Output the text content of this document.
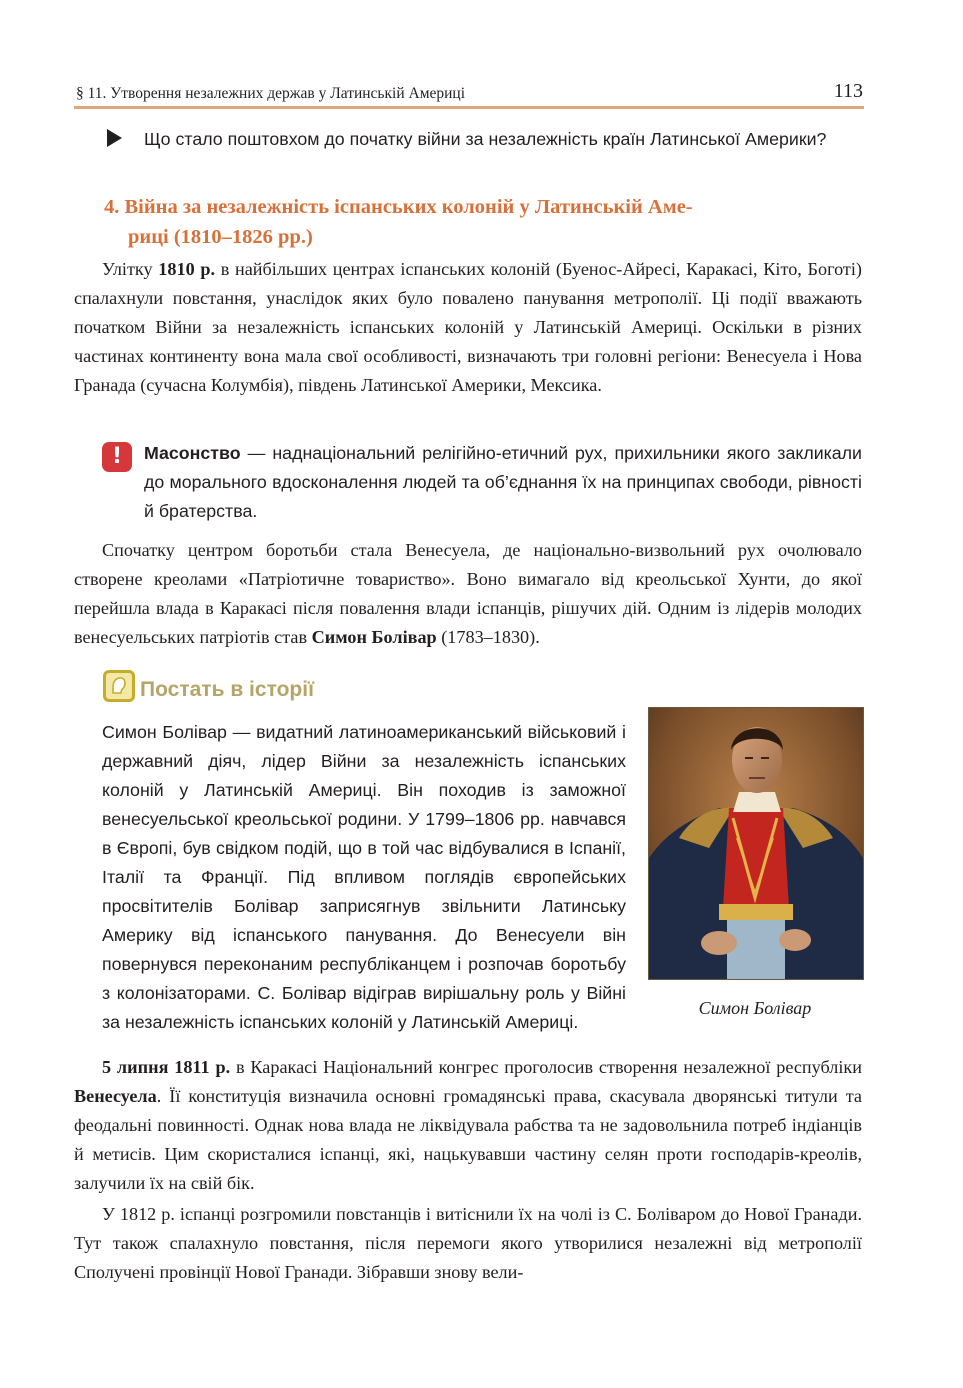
§ 11. Утворення незалежних держав у Латинській Америці	113
Що стало поштовхом до початку війни за незалежність країн Латинської Америки?
4. Війна за незалежність іспанських колоній у Латинській Аме-
риці (1810–1826 рр.)
Улітку 1810 р. в найбільших центрах іспанських колоній (Буенос-Айресі, Каракасі, Кіто, Боготі) спалахнули повстання, унаслідок яких було повалено панування метрополії. Ці події вважають початком Війни за незалежність іспанських колоній у Латинській Америці. Оскільки в різних частинах континенту вона мала свої особливості, визначають три головні регіони: Венесуела і Нова Гранада (сучасна Колумбія), південь Латинської Америки, Мексика.
!	Масонство — наднаціональний релігійно-етичний рух, прихильники якого закликали до морального вдосконалення людей та об’єднання їх на принципах свободи, рівності й братерства.
Спочатку центром боротьби стала Венесуела, де національно-визвольний рух очолювало створене креолами «Патріотичне товариство». Воно вимагало від креольської Хунти, до якої перейшла влада в Каракасі після повалення влади іспанців, рішучих дій. Одним із лідерів молодих венесуельських патріотів став Симон Болівар (1783–1830).
Постать в історії
Симон Болівар — видатний латиноамериканський військовий і державний діяч, лідер Війни за незалежність іспанських колоній у Латинській Америці. Він походив із заможної венесуельської креольської родини. У 1799–1806 рр. навчався в Європі, був свідком подій, що в той час відбувалися в Іспанії, Італії та Франції. Під впливом поглядів європейських просвітителів Болівар заприсягнув звільнити Латинську Америку від іспанського панування. До Венесуели він повернувся переконаним республіканцем і розпочав боротьбу з колонізаторами. С. Болівар відіграв вирішальну роль у Війні за незалежність іспанських колоній у Латинській Америці.
Симон Болівар
5 липня 1811 р. в Каракасі Національний конгрес проголосив створення незалежної республіки Венесуела. Її конституція визначила основні громадянські права, скасувала дворянські титули та феодальні повинності. Однак нова влада не ліквідувала рабства та не задовольнила потреб індіанців й метисів. Цим скористалися іспанці, які, нацькувавши частину селян проти господарів-креолів, залучили їх на свій бік.
У 1812 р. іспанці розгромили повстанців і витіснили їх на чолі із С. Боліваром до Нової Гранади. Тут також спалахнуло повстання, після перемоги якого утворилися незалежні від метрополії Сполучені провінції Нової Гранади. Зібравши знову вели-
